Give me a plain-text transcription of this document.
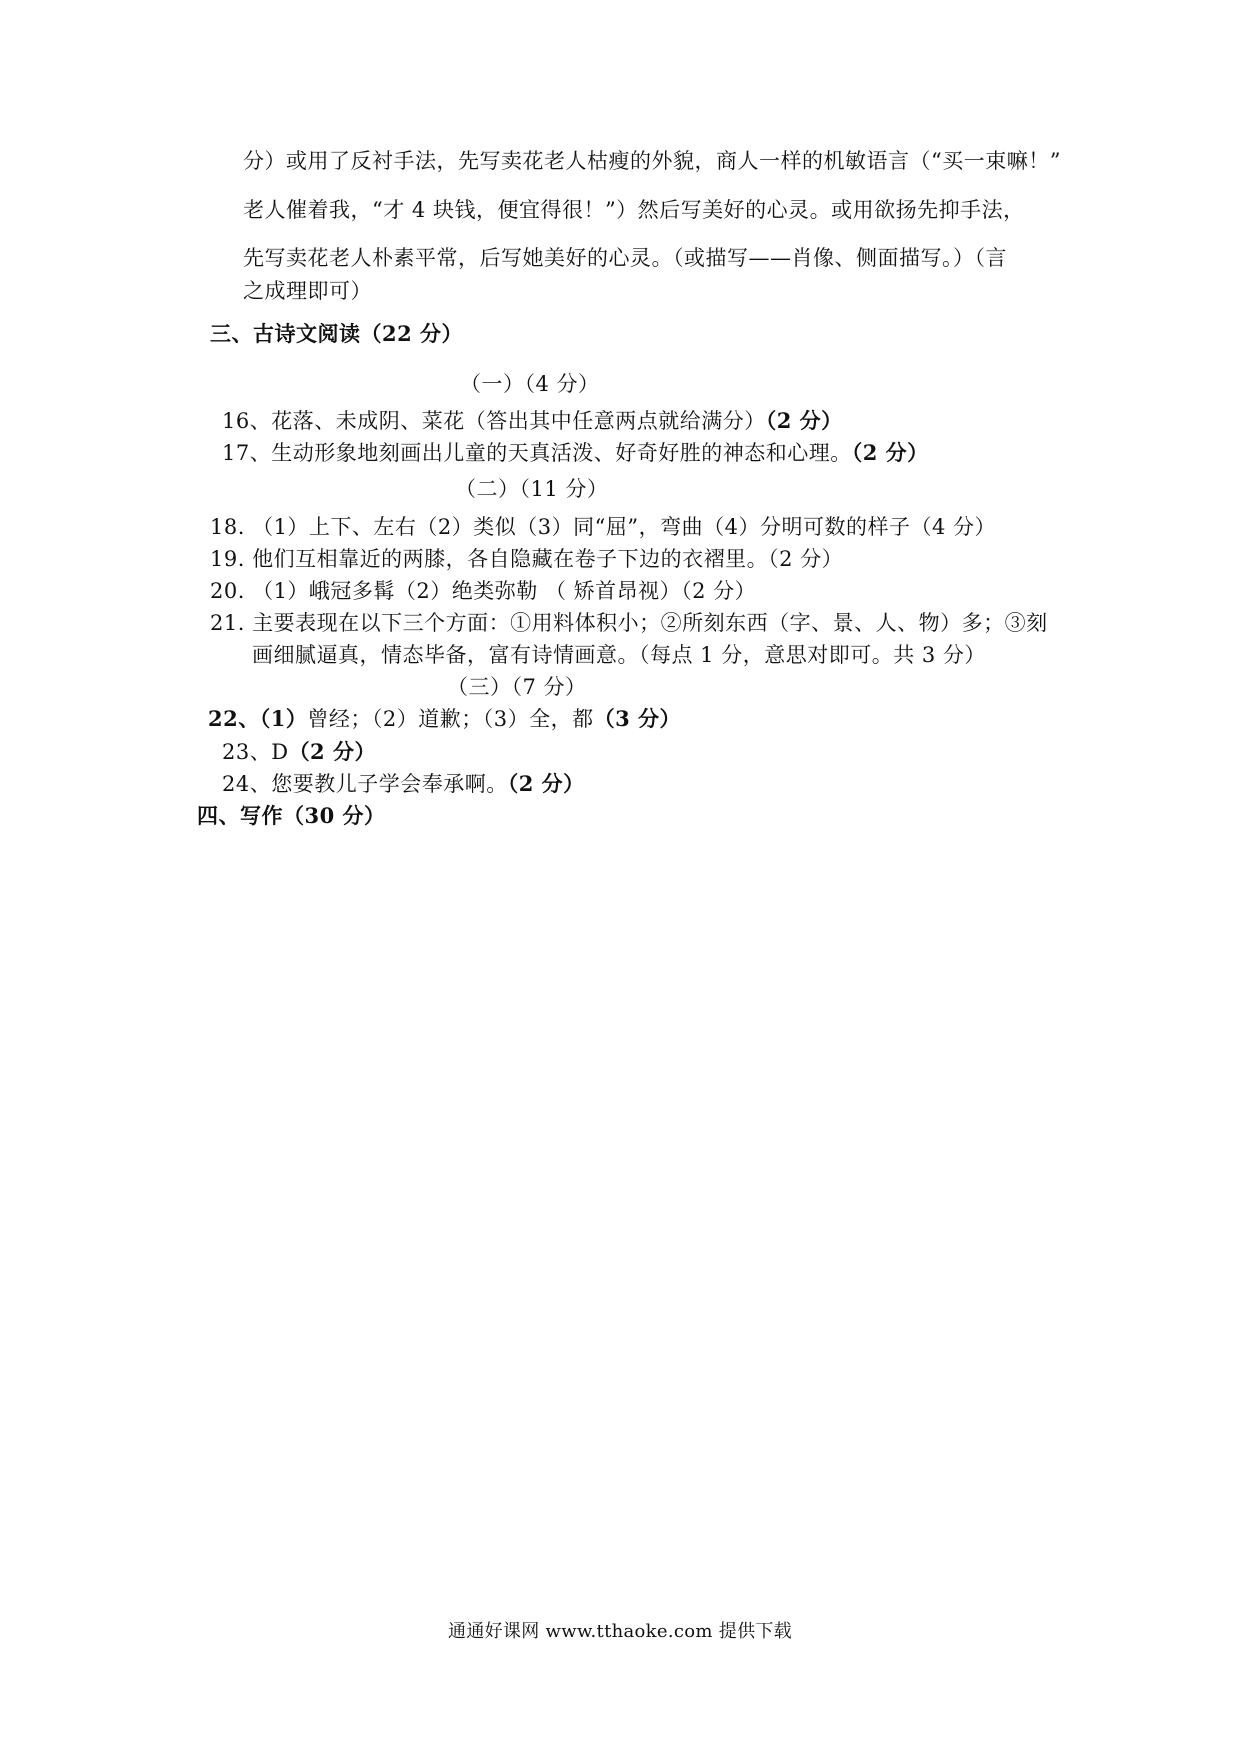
分）或用了反衬手法，先写卖花老人枯瘦的外貌，商人一样的机敏语言（“买一束嘛！”
老人催着我，“才 4 块钱，便宜得很！”）然后写美好的心灵。或用欲扬先抑手法，
先写卖花老人朴素平常，后写她美好的心灵。（或描写——肖像、侧面描写。）（言
之成理即可）
三、古诗文阅读（22 分）
（一）（4 分）
16、花落、未成阴、菜花（答出其中任意两点就给满分）（2 分）
17、生动形象地刻画出儿童的天真活泼、好奇好胜的神态和心理。（2 分）
（二）（11 分）
18. （1）上下、左右（2）类似（3）同“屈”，弯曲（4）分明可数的样子（4 分）
19. 他们互相靠近的两膝，各自隐藏在卷子下边的衣褶里。（2 分）
20. （1）峨冠多髯（2）绝类弥勒 （ 矫首昂视）（2 分）
21. 主要表现在以下三个方面：①用料体积小；②所刻东西（字、景、人、物）多；③刻
画细腻逼真，情态毕备，富有诗情画意。（每点 1 分，意思对即可。共 3 分）
（三）（7 分）
22、（1）曾经；（2）道歉；（3）全，都（3 分）
23、D（2 分）
24、您要教儿子学会奉承啊。（2 分）
四、写作（30 分）
通通好课网 www.tthaoke.com 提供下载
